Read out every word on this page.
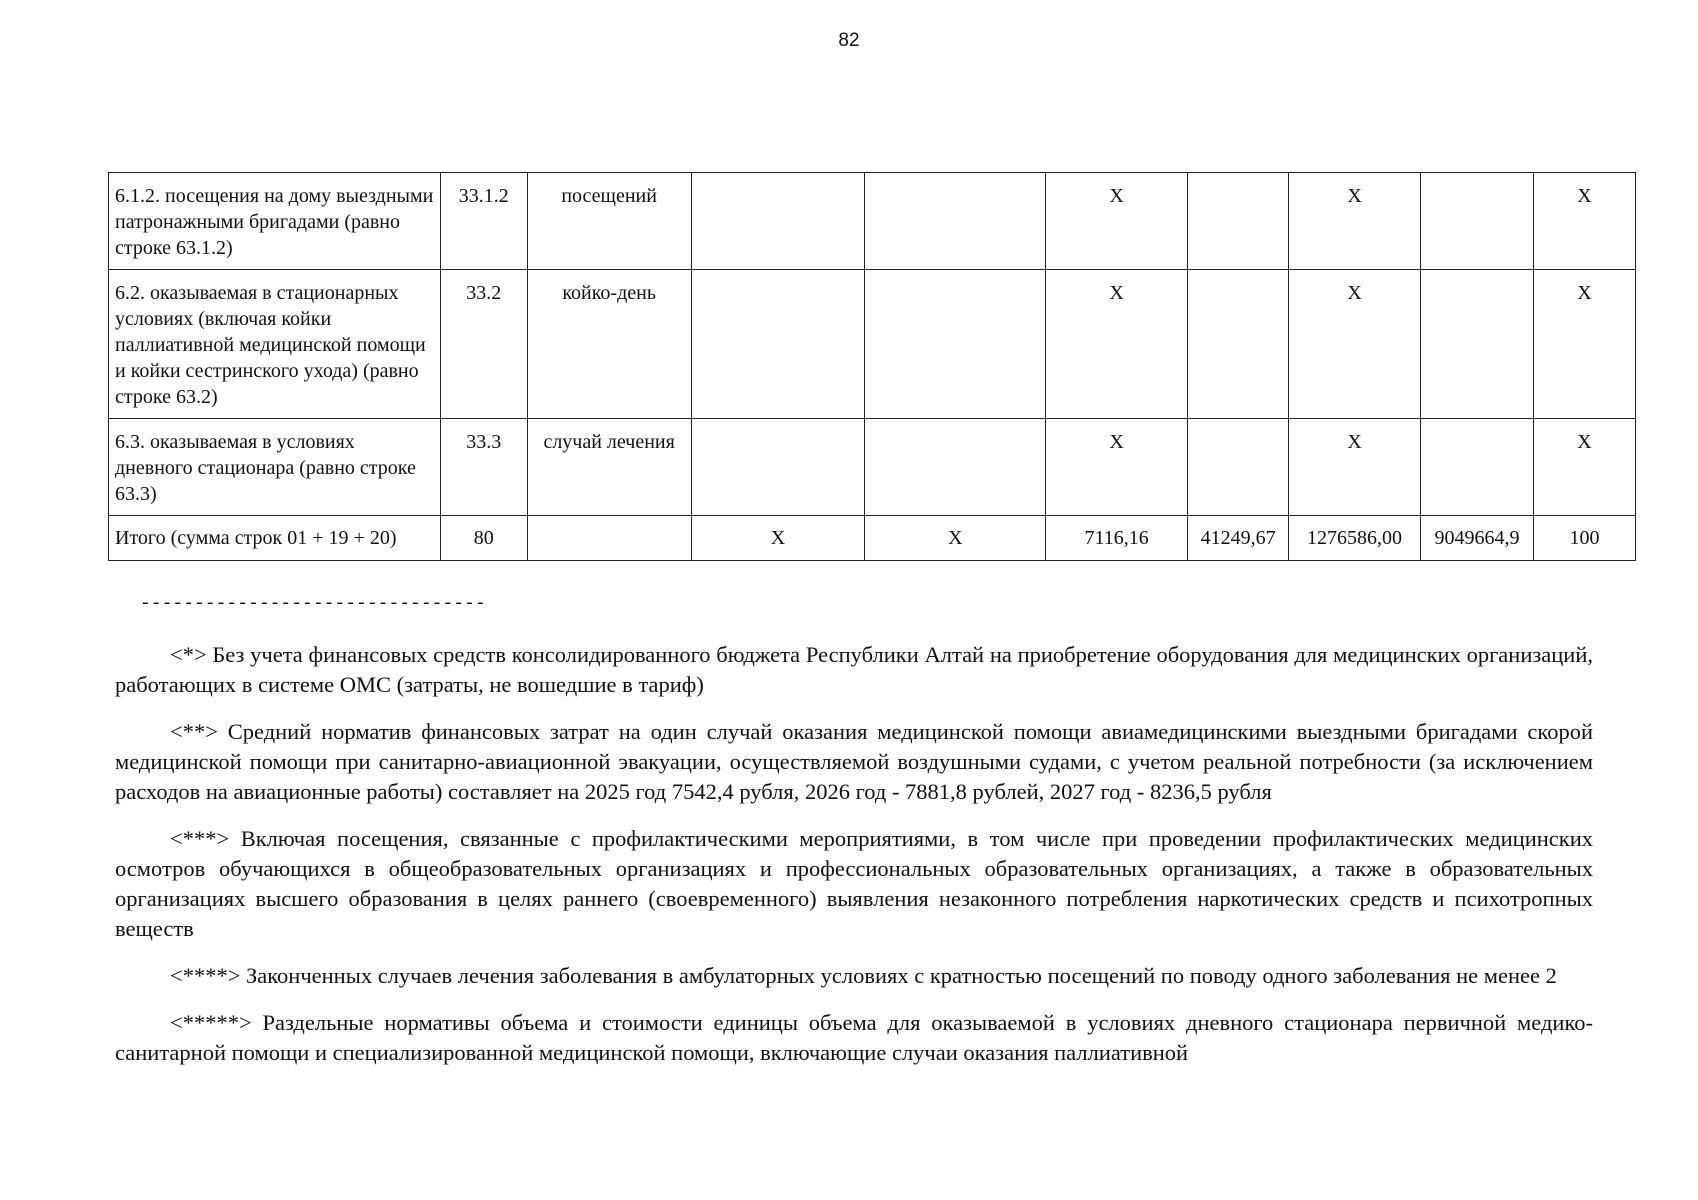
82
6.1.2. посещения на дому выездными патронажными бригадами (равно строке 63.1.2)	33.1.2	посещений			Х		Х		Х
6.2. оказываемая в стационарных условиях (включая койки паллиативной медицинской помощи и койки сестринского ухода) (равно строке 63.2)	33.2	койко-день			Х		Х		Х
6.3. оказываемая в условиях дневного стационара (равно строке 63.3)	33.3	случай лечения			Х		Х		Х
Итого (сумма строк 01 + 19 + 20)	80		Х	Х	7116,16	41249,67	1276586,00	9049664,9	100
--------------------------------

<*> Без учета финансовых средств консолидированного бюджета Республики Алтай на приобретение оборудования для медицинских организаций, работающих в системе ОМС (затраты, не вошедшие в тариф)

<**> Средний норматив финансовых затрат на один случай оказания медицинской помощи авиамедицинскими выездными бригадами скорой медицинской помощи при санитарно-авиационной эвакуации, осуществляемой воздушными судами, с учетом реальной потребности (за исключением расходов на авиационные работы) составляет на 2025 год 7542,4 рубля, 2026 год - 7881,8 рублей, 2027 год - 8236,5 рубля

<***> Включая посещения, связанные с профилактическими мероприятиями, в том числе при проведении профилактических медицинских осмотров обучающихся в общеобразовательных организациях и профессиональных образовательных организациях, а также в образовательных организациях высшего образования в целях раннего (своевременного) выявления незаконного потребления наркотических средств и психотропных веществ

<****> Законченных случаев лечения заболевания в амбулаторных условиях с кратностью посещений по поводу одного заболевания не менее 2

<*****> Раздельные нормативы объема и стоимости единицы объема для оказываемой в условиях дневного стационара первичной медико-санитарной помощи и специализированной медицинской помощи, включающие случаи оказания паллиативной
